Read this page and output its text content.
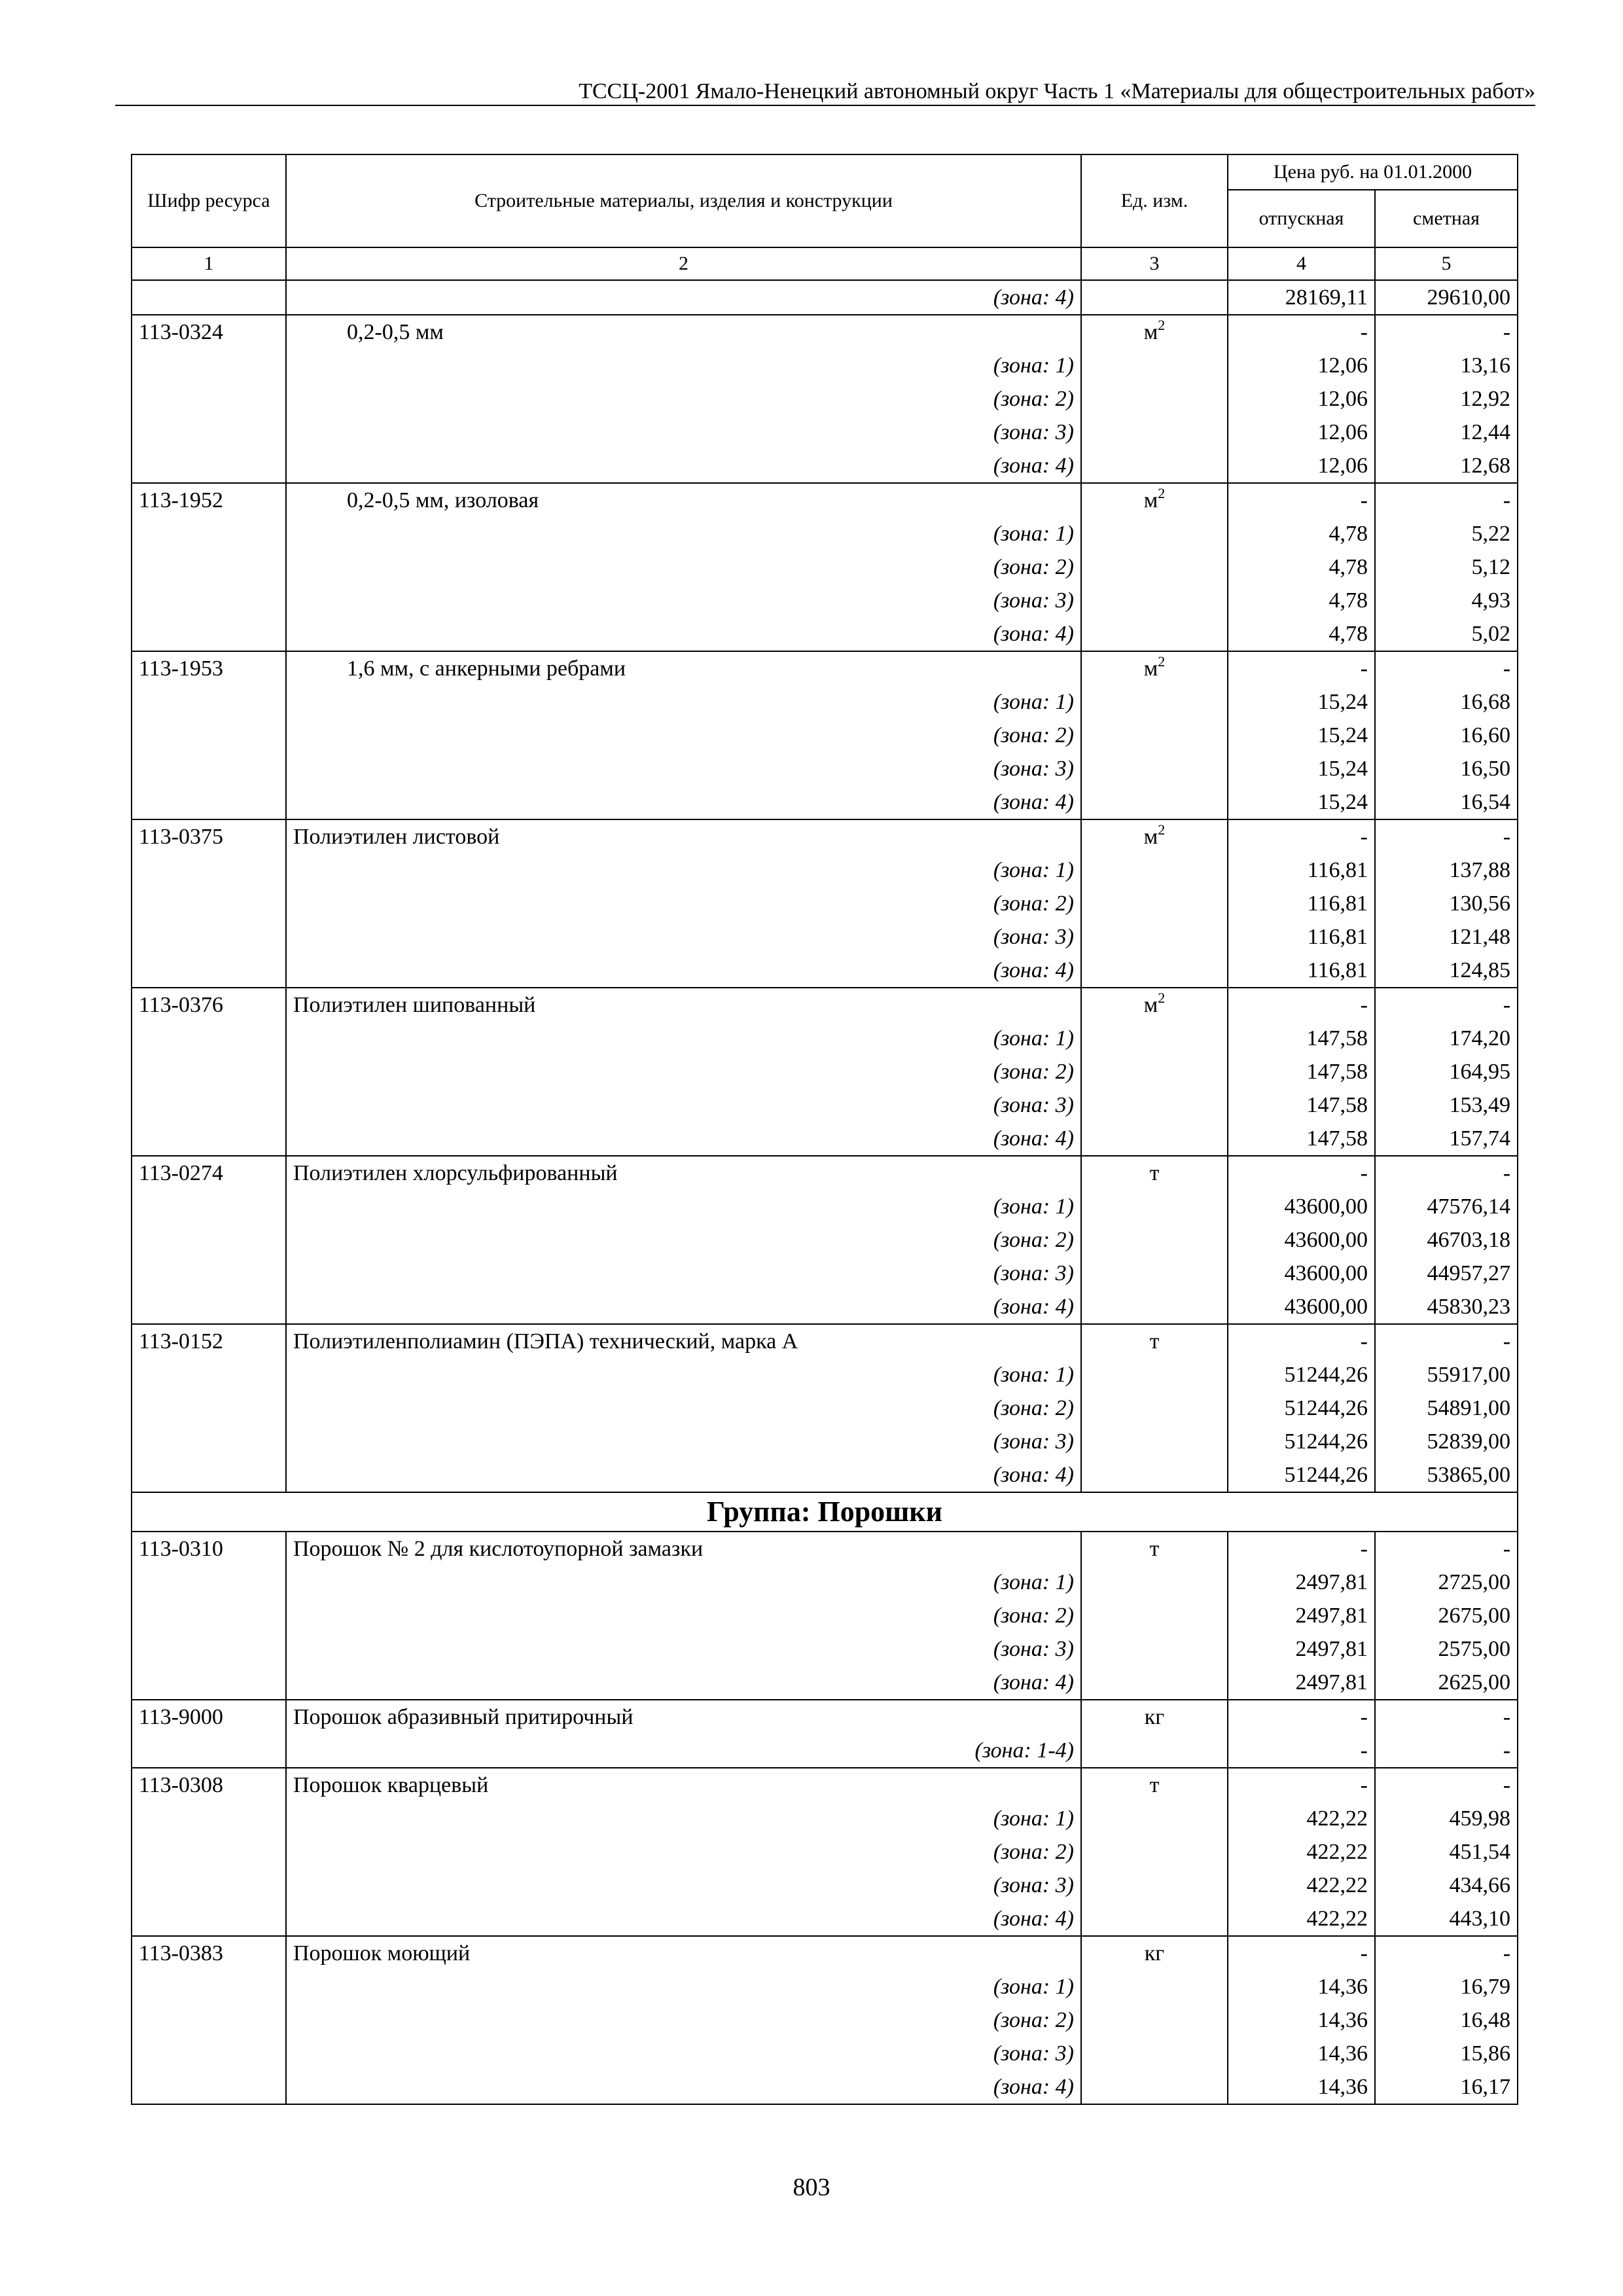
ТССЦ-2001 Ямало-Ненецкий автономный округ Часть 1 «Материалы для общестроительных работ»
Шифр ресурса	Строительные материалы, изделия и конструкции	Ед. изм.	Цена руб. на 01.01.2000	
			отпускная	сметная
1	2	3	4	5
	(зона: 4)		28169,11	29610,00
113-0324	0,2-0,5 мм	$м^2$	-	-
	(зона: 1)		12,06	13,16
	(зона: 2)		12,06	12,92
	(зона: 3)		12,06	12,44
	(зона: 4)		12,06	12,68
113-1952	0,2-0,5 мм, изоловая	$м^2$	-	-
	(зона: 1)		4,78	5,22
	(зона: 2)		4,78	5,12
	(зона: 3)		4,78	4,93
	(зона: 4)		4,78	5,02
113-1953	1,6 мм, с анкерными ребрами	$м^2$	-	-
	(зона: 1)		15,24	16,68
	(зона: 2)		15,24	16,60
	(зона: 3)		15,24	16,50
	(зона: 4)		15,24	16,54
113-0375	Полиэтилен листовой	$м^2$	-	-
	(зона: 1)		116,81	137,88
	(зона: 2)		116,81	130,56
	(зона: 3)		116,81	121,48
	(зона: 4)		116,81	124,85
113-0376	Полиэтилен шипованный	$м^2$	-	-
	(зона: 1)		147,58	174,20
	(зона: 2)		147,58	164,95
	(зона: 3)		147,58	153,49
	(зона: 4)		147,58	157,74
113-0274	Полиэтилен хлорсульфированный	т	-	-
	(зона: 1)		43600,00	47576,14
	(зона: 2)		43600,00	46703,18
	(зона: 3)		43600,00	44957,27
	(зона: 4)		43600,00	45830,23
113-0152	Полиэтиленполиамин (ПЭПА) технический, марка А	т	-	-
	(зона: 1)		51244,26	55917,00
	(зона: 2)		51244,26	54891,00
	(зона: 3)		51244,26	52839,00
	(зона: 4)		51244,26	53865,00
Группа: Порошки				
113-0310	Порошок № 2 для кислотоупорной замазки	т	-	-
	(зона: 1)		2497,81	2725,00
	(зона: 2)		2497,81	2675,00
	(зона: 3)		2497,81	2575,00
	(зона: 4)		2497,81	2625,00
113-9000	Порошок абразивный притирочный	кг	-	-
	(зона: 1-4)		-	-
113-0308	Порошок кварцевый	т	-	-
	(зона: 1)		422,22	459,98
	(зона: 2)		422,22	451,54
	(зона: 3)		422,22	434,66
	(зона: 4)		422,22	443,10
113-0383	Порошок моющий	кг	-	-
	(зона: 1)		14,36	16,79
	(зона: 2)		14,36	16,48
	(зона: 3)		14,36	15,86
	(зона: 4)		14,36	16,17
803
